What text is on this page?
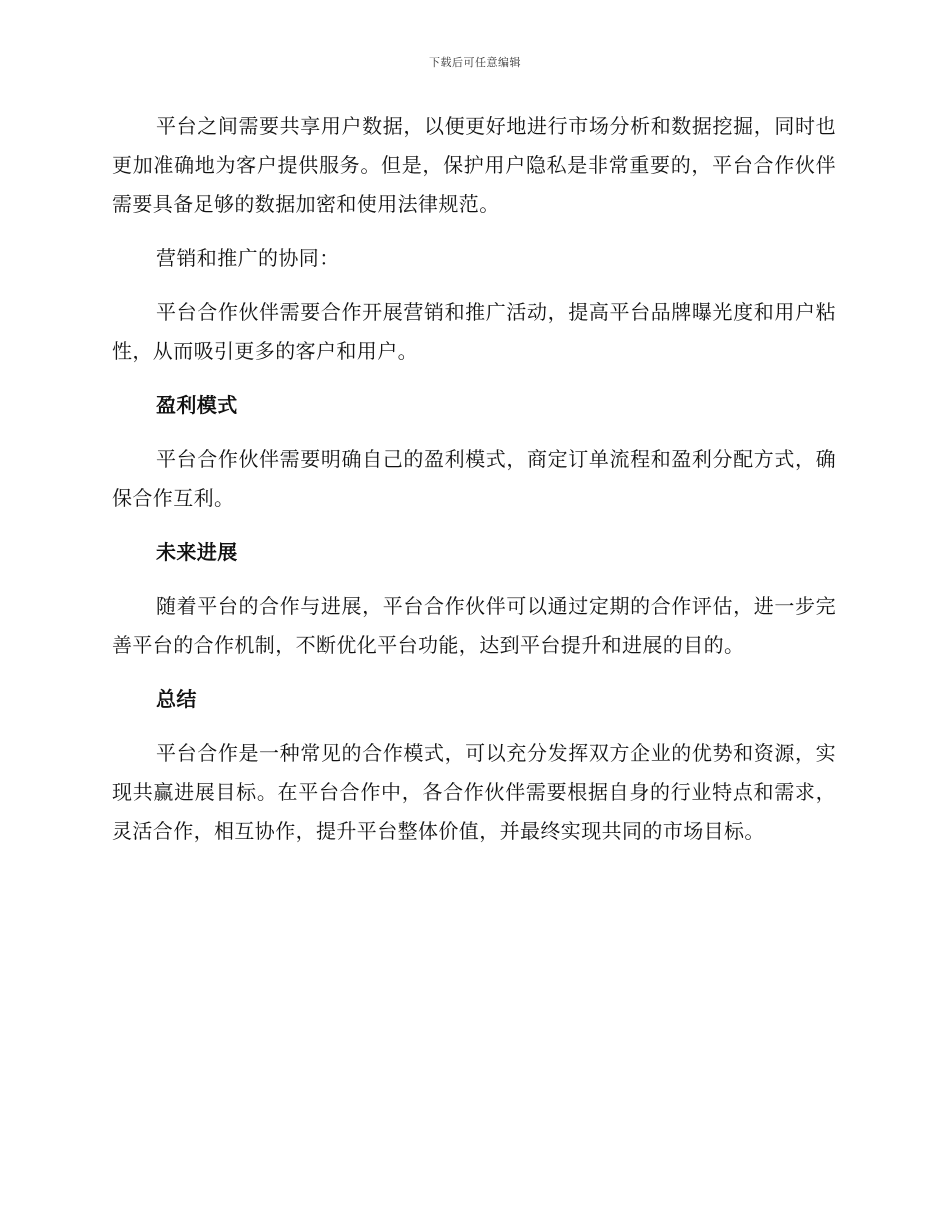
下载后可任意编辑

平台之间需要共享用户数据，以便更好地进行市场分析和数据挖掘，同时也更加准确地为客户提供服务。但是，保护用户隐私是非常重要的，平台合作伙伴需要具备足够的数据加密和使用法律规范。

营销和推广的协同：

平台合作伙伴需要合作开展营销和推广活动，提高平台品牌曝光度和用户粘性，从而吸引更多的客户和用户。

盈利模式

平台合作伙伴需要明确自己的盈利模式，商定订单流程和盈利分配方式，确保合作互利。

未来进展

随着平台的合作与进展，平台合作伙伴可以通过定期的合作评估，进一步完善平台的合作机制，不断优化平台功能，达到平台提升和进展的目的。

总结

平台合作是一种常见的合作模式，可以充分发挥双方企业的优势和资源，实现共赢进展目标。在平台合作中，各合作伙伴需要根据自身的行业特点和需求，灵活合作，相互协作，提升平台整体价值，并最终实现共同的市场目标。
